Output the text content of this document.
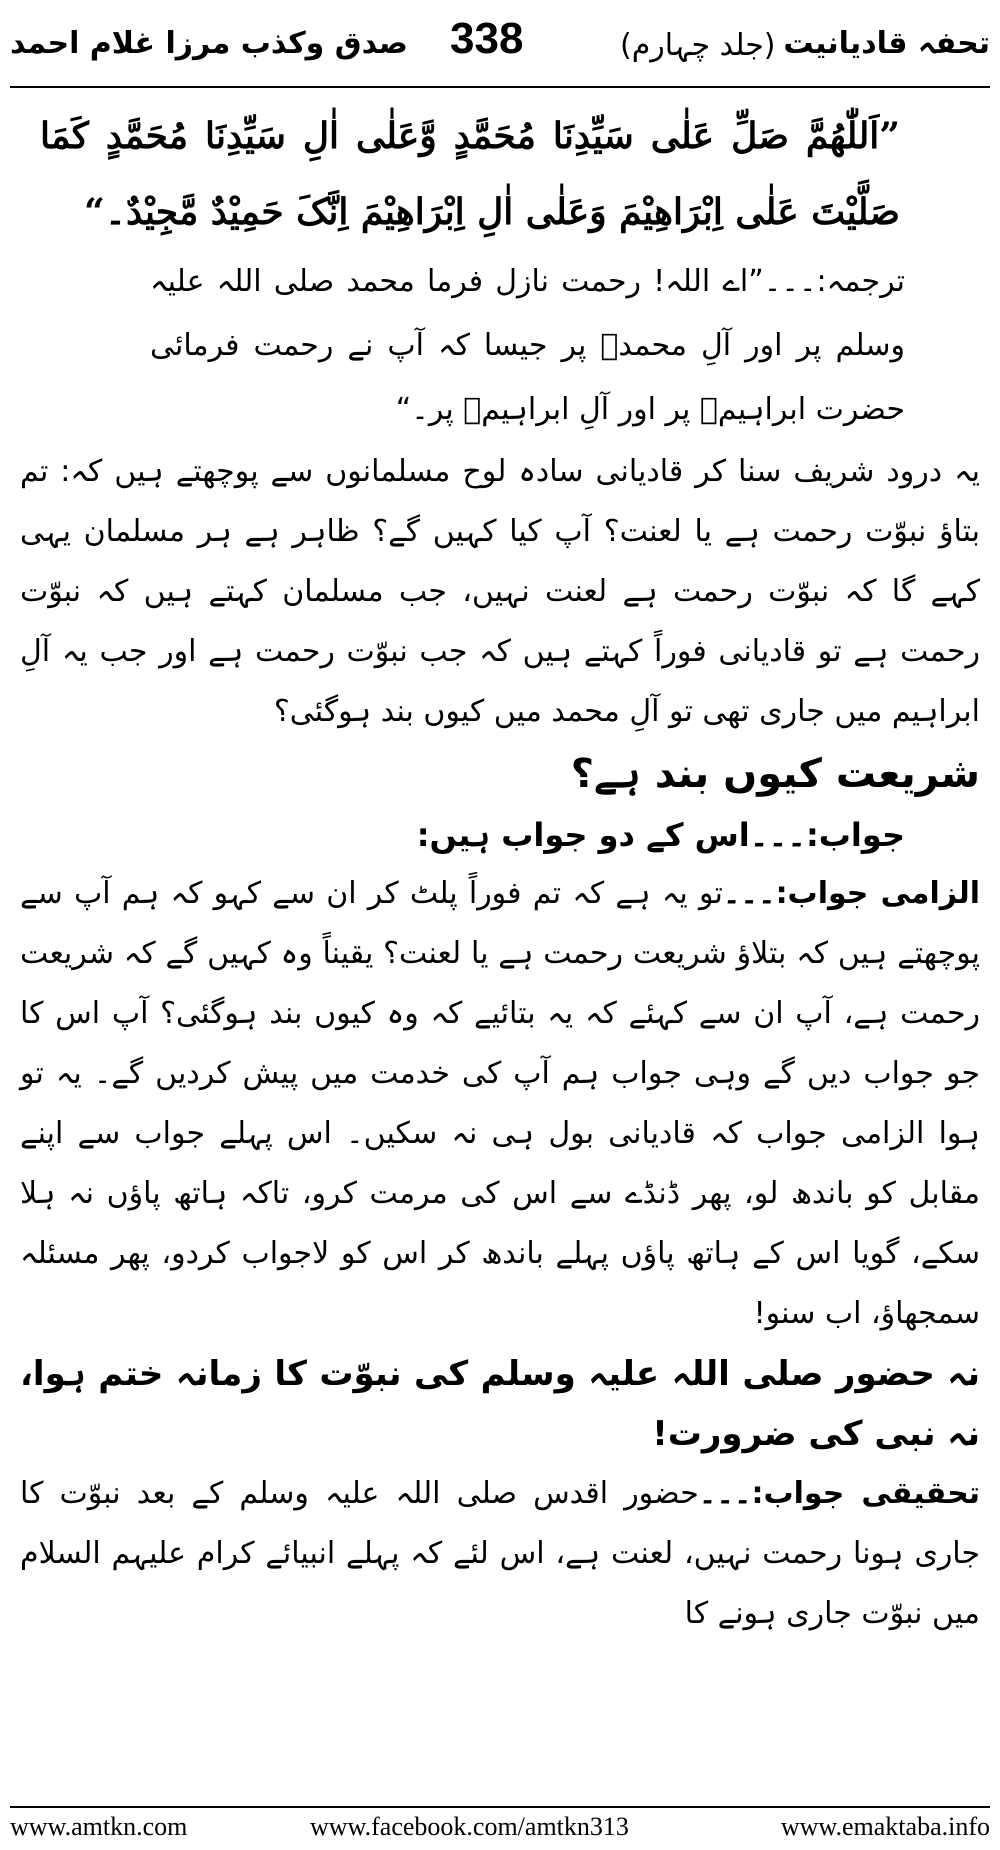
تحفہ قادیانیت
(جلد چہارم)
338
صدق وکذب مرزا غلام احمد

”اَللّٰھُمَّ صَلِّ عَلٰی سَیِّدِنَا مُحَمَّدٍ وَّعَلٰی اٰلِ سَیِّدِنَا مُحَمَّدٍ کَمَا صَلَّیْتَ عَلٰی اِبْرَاھِیْمَ وَعَلٰی اٰلِ اِبْرَاھِیْمَ اِنَّکَ حَمِیْدٌ مَّجِیْدٌ۔“

ترجمہ:۔۔۔”اے اللہ! رحمت نازل فرما محمد صلی اللہ علیہ وسلم پر اور آلِ محمدؐ پر جیسا کہ آپ نے رحمت فرمائی حضرت ابراہیمؑ پر اور آلِ ابراہیمؑ پر۔“

یہ درود شریف سنا کر قادیانی سادہ لوح مسلمانوں سے پوچھتے ہیں کہ: تم بتاؤ نبوّت رحمت ہے یا لعنت؟ آپ کیا کہیں گے؟ ظاہر ہے ہر مسلمان یہی کہے گا کہ نبوّت رحمت ہے لعنت نہیں، جب مسلمان کہتے ہیں کہ نبوّت رحمت ہے تو قادیانی فوراً کہتے ہیں کہ جب نبوّت رحمت ہے اور جب یہ آلِ ابراہیم میں جاری تھی تو آلِ محمد میں کیوں بند ہوگئی؟

شریعت کیوں بند ہے؟

جواب:۔۔۔اس کے دو جواب ہیں:

الزامی جواب:۔۔۔تو یہ ہے کہ تم فوراً پلٹ کر ان سے کہو کہ ہم آپ سے پوچھتے ہیں کہ بتلاؤ شریعت رحمت ہے یا لعنت؟ یقیناً وہ کہیں گے کہ شریعت رحمت ہے، آپ ان سے کہئے کہ یہ بتائیے کہ وہ کیوں بند ہوگئی؟ آپ اس کا جو جواب دیں گے وہی جواب ہم آپ کی خدمت میں پیش کردیں گے۔ یہ تو ہوا الزامی جواب کہ قادیانی بول ہی نہ سکیں۔ اس پہلے جواب سے اپنے مقابل کو باندھ لو، پھر ڈنڈے سے اس کی مرمت کرو، تاکہ ہاتھ پاؤں نہ ہلا سکے، گویا اس کے ہاتھ پاؤں پہلے باندھ کر اس کو لاجواب کردو، پھر مسئلہ سمجھاؤ، اب سنو!

نہ حضور صلی اللہ علیہ وسلم کی نبوّت کا زمانہ ختم ہوا، نہ نبی کی ضرورت!

تحقیقی جواب:۔۔۔حضور اقدس صلی اللہ علیہ وسلم کے بعد نبوّت کا جاری ہونا رحمت نہیں، لعنت ہے، اس لئے کہ پہلے انبیائے کرام علیہم السلام میں نبوّت جاری ہونے کا

www.amtkn.com	www.facebook.com/amtkn313	www.emaktaba.info
